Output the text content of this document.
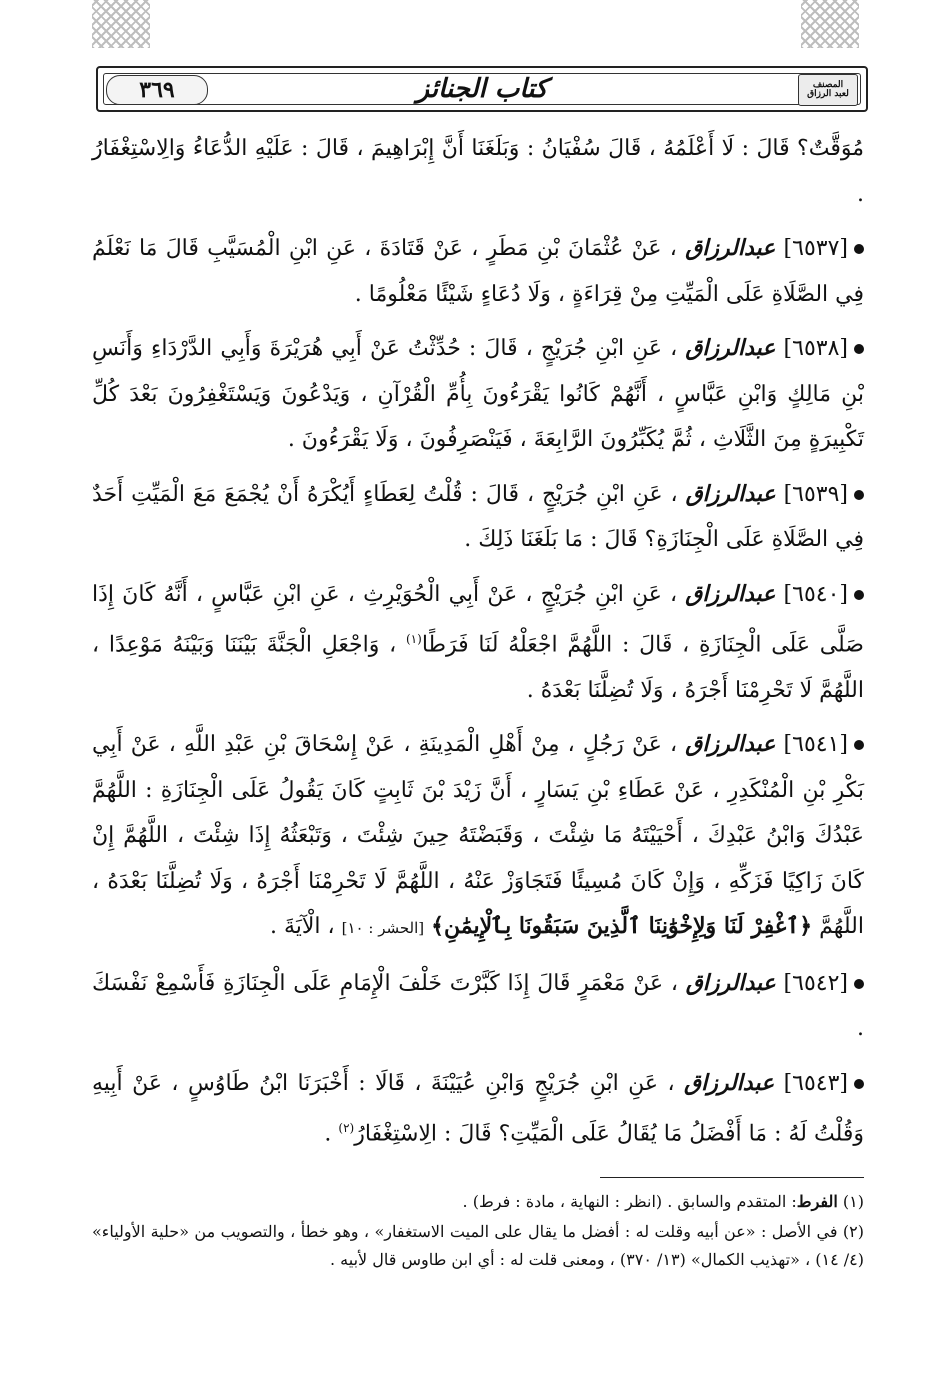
٣٦٩	كتاب الجنائز	المصنف
لعبد الرزاق

مُوَقَّتٌ؟ قَالَ : لَا أَعْلَمُهُ ، قَالَ سُفْيَانُ : وَبَلَغَنَا أَنَّ إِبْرَاهِيمَ ، قَالَ : عَلَيْهِ الدُّعَاءُ وَالِاسْتِغْفَارُ .

[٦٥٣٧] عبدالرزاق ، عَنْ عُثْمَانَ بْنِ مَطَرٍ ، عَنْ قَتَادَةَ ، عَنِ ابْنِ الْمُسَيَّبِ قَالَ مَا نَعْلَمُ فِي الصَّلَاةِ عَلَى الْمَيِّتِ مِنْ قِرَاءَةٍ ، وَلَا دُعَاءٍ شَيْئًا مَعْلُومًا .

[٦٥٣٨] عبدالرزاق ، عَنِ ابْنِ جُرَيْجٍ ، قَالَ : حُدِّثْتُ عَنْ أَبِي هُرَيْرَةَ وَأَبِي الدَّرْدَاءِ وَأَنَسِ بْنِ مَالِكٍ وَابْنِ عَبَّاسٍ ، أَنَّهُمْ كَانُوا يَقْرَءُونَ بِأُمِّ الْقُرْآنِ ، وَيَدْعُونَ وَيَسْتَغْفِرُونَ بَعْدَ كُلِّ تَكْبِيرَةٍ مِنَ الثَّلَاثِ ، ثُمَّ يُكَبِّرُونَ الرَّابِعَةَ ، فَيَنْصَرِفُونَ ، وَلَا يَقْرَءُونَ .

[٦٥٣٩] عبدالرزاق ، عَنِ ابْنِ جُرَيْجٍ ، قَالَ : قُلْتُ لِعَطَاءٍ أَيُكْرَهُ أَنْ يُجْمَعَ مَعَ الْمَيِّتِ أَحَدٌ فِي الصَّلَاةِ عَلَى الْجِنَازَةِ؟ قَالَ : مَا بَلَغَنَا ذَلِكَ .

[٦٥٤٠] عبدالرزاق ، عَنِ ابْنِ جُرَيْجٍ ، عَنْ أَبِي الْحُوَيْرِثِ ، عَنِ ابْنِ عَبَّاسٍ ، أَنَّهُ كَانَ إِذَا صَلَّى عَلَى الْجِنَازَةِ ، قَالَ : اللَّهُمَّ اجْعَلْهُ لَنَا فَرَطًا$^{(١)}$ ، وَاجْعَلِ الْجَنَّةَ بَيْنَنَا وَبَيْنَهُ مَوْعِدًا ، اللَّهُمَّ لَا تَحْرِمْنَا أَجْرَهُ ، وَلَا تُضِلَّنَا بَعْدَهُ .

[٦٥٤١] عبدالرزاق ، عَنْ رَجُلٍ ، مِنْ أَهْلِ الْمَدِينَةِ ، عَنْ إِسْحَاقَ بْنِ عَبْدِ اللَّهِ ، عَنْ أَبِي بَكْرِ بْنِ الْمُنْكَدِرِ ، عَنْ عَطَاءِ بْنِ يَسَارٍ ، أَنَّ زَيْدَ بْنَ ثَابِتٍ كَانَ يَقُولُ عَلَى الْجِنَازَةِ : اللَّهُمَّ عَبْدُكَ وَابْنُ عَبْدِكَ ، أَحْيَيْتَهُ مَا شِئْتَ ، وَقَبَضْتَهُ حِينَ شِئْتَ ، وَتَبْعَثُهُ إِذَا شِئْتَ ، اللَّهُمَّ إِنْ كَانَ زَاكِيًا فَزَكِّهِ ، وَإِنْ كَانَ مُسِيئًا فَتَجَاوَزْ عَنْهُ ، اللَّهُمَّ لَا تَحْرِمْنَا أَجْرَهُ ، وَلَا تُضِلَّنَا بَعْدَهُ ، اللَّهُمَّ ﴿ٱغْفِرْ لَنَا وَلِإِخْوَٰنِنَا ٱلَّذِينَ سَبَقُونَا بِٱلْإِيمَٰنِ﴾ [الحشر : ١٠] ، الْآيَةَ .

[٦٥٤٢] عبدالرزاق ، عَنْ مَعْمَرٍ قَالَ إِذَا كَبَّرْتَ خَلْفَ الْإِمَامِ عَلَى الْجِنَازَةِ فَأَسْمِعْ نَفْسَكَ .

[٦٥٤٣] عبدالرزاق ، عَنِ ابْنِ جُرَيْجٍ وَابْنِ عُيَيْنَةَ ، قَالَا : أَخْبَرَنَا ابْنُ طَاوُسٍ ، عَنْ أَبِيهِ وَقُلْتُ لَهُ : مَا أَفْضَلُ مَا يُقَالُ عَلَى الْمَيِّتِ؟ قَالَ : الِاسْتِغْفَارُ$^{(٢)}$ .

(١) الفرط: المتقدم والسابق . (انظر : النهاية ، مادة : فرط) .

(٢) في الأصل : «عن أبيه وقلت له : أفضل ما يقال على الميت الاستغفار» ، وهو خطأ ، والتصويب من «حلية الأولياء» (٤/ ١٤) ، «تهذيب الكمال» (١٣/ ٣٧٠) ، ومعنى قلت له : أي ابن طاوس قال لأبيه .
